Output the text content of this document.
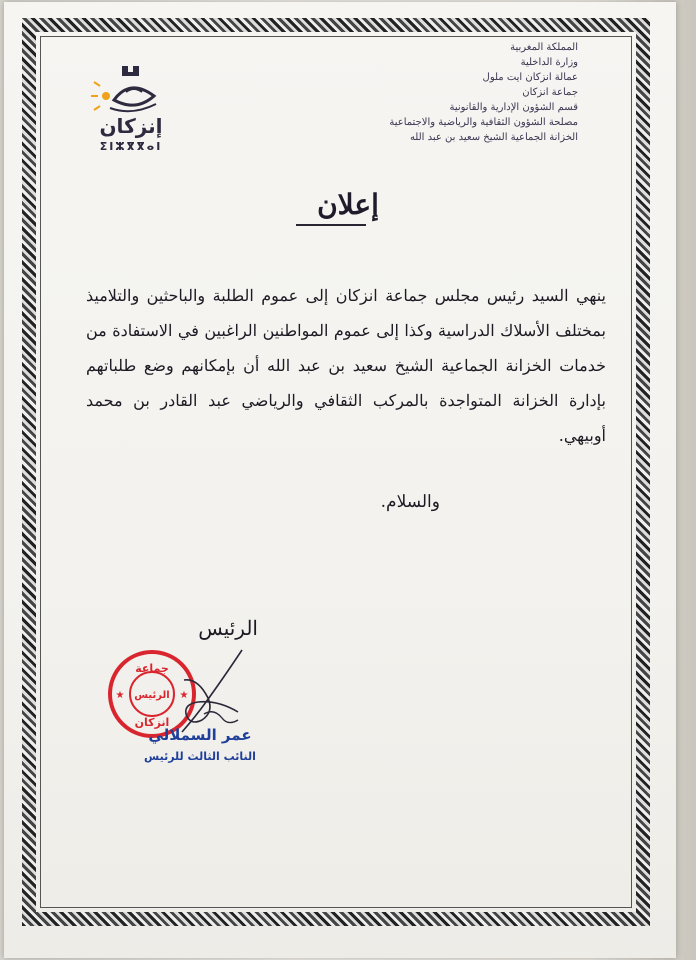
المملكة المغربية
وزارة الداخلية
عمالة انزكان ايت ملول
جماعة انزكان
قسم الشؤون الإدارية والقانونية
مصلحة الشؤون الثقافية والرياضية والاجتماعية
الخزانة الجماعية الشيخ سعيد بن عبد الله
إنزكان
ⵉⵏⵣⴳⴳⴰⵏ
إعلان
ينهي السيد رئيس مجلس جماعة انزكان إلى عموم الطلبة والباحثين والتلاميذ بمختلف الأسلاك الدراسية وكذا إلى عموم المواطنين الراغبين في الاستفادة من خدمات الخزانة الجماعية الشيخ سعيد بن عبد الله أن بإمكانهم وضع طلباتهم بإدارة الخزانة المتواجدة بالمركب الثقافي والرياضي عبد القادر بن محمد أوبيهي.
والسلام.
الرئيس
جماعة
الرئيس
انزكان
★	★
عمر السملالي
النائب الثالث للرئيس
